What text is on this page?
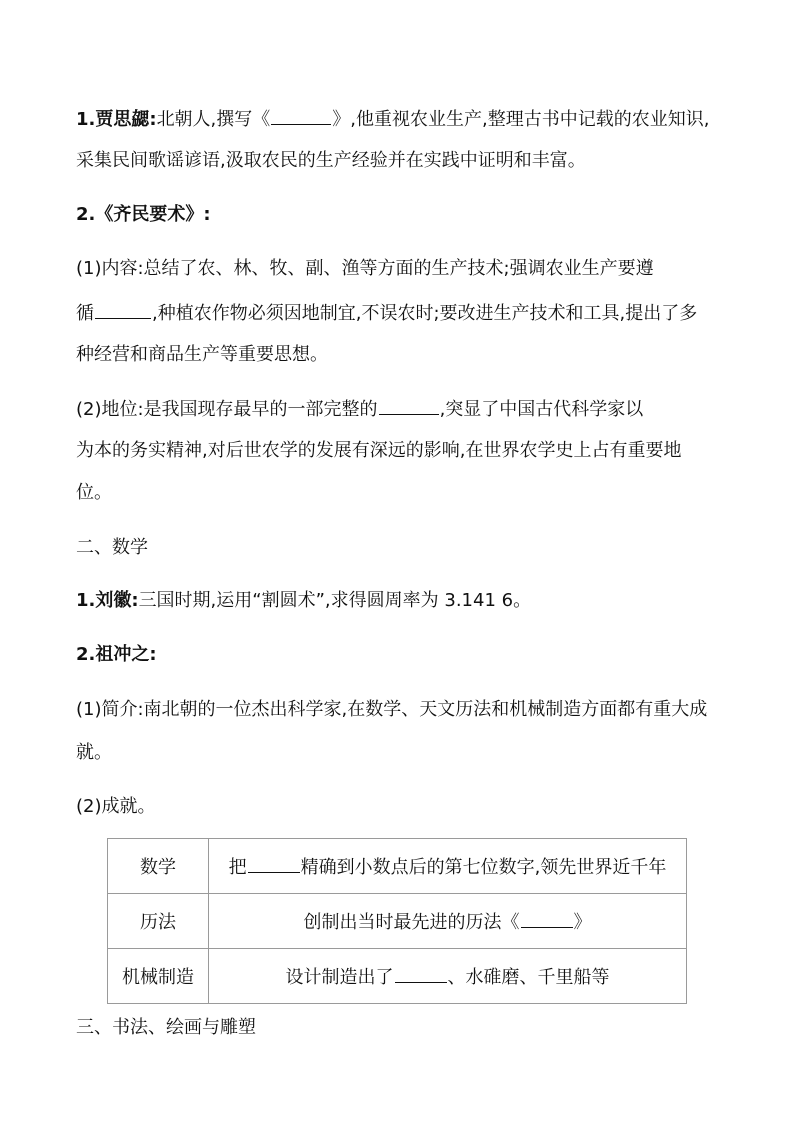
1.贾思勰:北朝人,撰写《	》,他重视农业生产,整理古书中记载的农业知识,
采集民间歌谣谚语,汲取农民的生产经验并在实践中证明和丰富。
2.《齐民要术》:
(1)内容:总结了农、林、牧、副、渔等方面的生产技术;强调农业生产要遵
循	,种植农作物必须因地制宜,不误农时;要改进生产技术和工具,提出了多
种经营和商品生产等重要思想。
(2)地位:是我国现存最早的一部完整的	,突显了中国古代科学家以
为本的务实精神,对后世农学的发展有深远的影响,在世界农学史上占有重要地
位。
二、数学
1.刘徽:三国时期,运用“割圆术”,求得圆周率为 3.141 6。
2.祖冲之:
(1)简介:南北朝的一位杰出科学家,在数学、天文历法和机械制造方面都有重大成
就。
(2)成就。
数学	把 精确到小数点后的第七位数字,领先世界近千年
历法	创制出当时最先进的历法《 》
机械制造	设计制造出了 、水碓磨、千里船等
三、书法、绘画与雕塑
